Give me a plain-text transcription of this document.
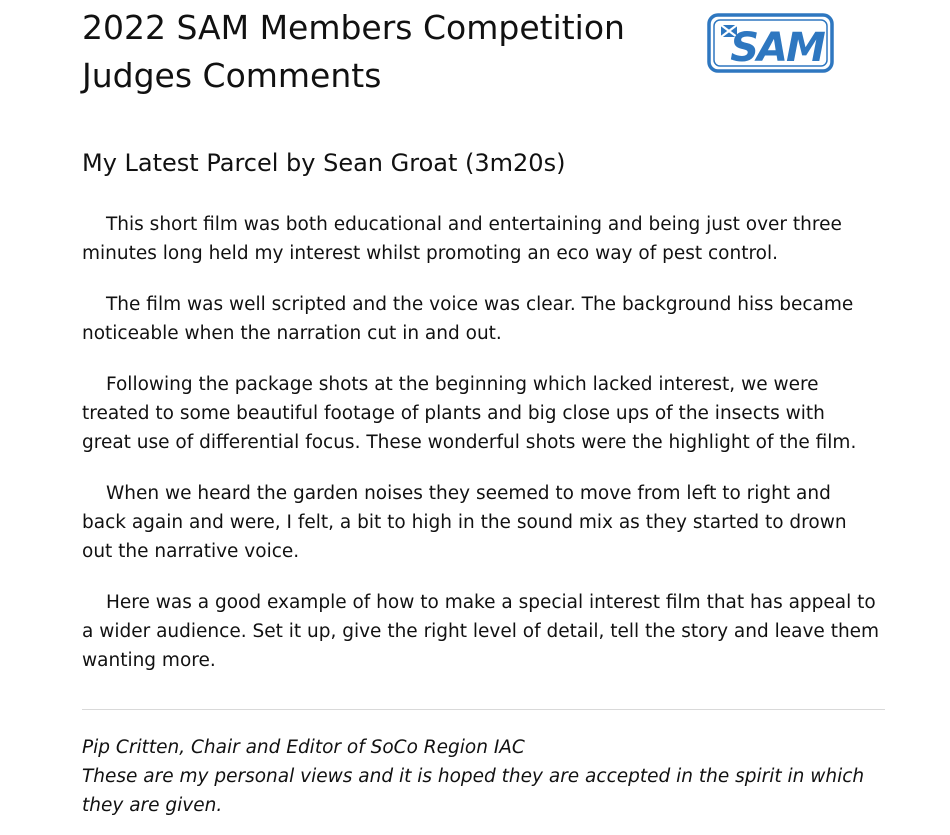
2022 SAM Members Competition
Judges Comments
SAM
My Latest Parcel by Sean Groat (3m20s)

This short film was both educational and entertaining and being just over three
minutes long held my interest whilst promoting an eco way of pest control.

The film was well scripted and the voice was clear. The background hiss became
noticeable when the narration cut in and out.

Following the package shots at the beginning which lacked interest, we were
treated to some beautiful footage of plants and big close ups of the insects with
great use of differential focus. These wonderful shots were the highlight of the film.

When we heard the garden noises they seemed to move from left to right and
back again and were, I felt, a bit to high in the sound mix as they started to drown
out the narrative voice.

Here was a good example of how to make a special interest film that has appeal to
a wider audience. Set it up, give the right level of detail, tell the story and leave them
wanting more.

Pip Critten, Chair and Editor of SoCo Region IAC
These are my personal views and it is hoped they are accepted in the spirit in which
they are given.
